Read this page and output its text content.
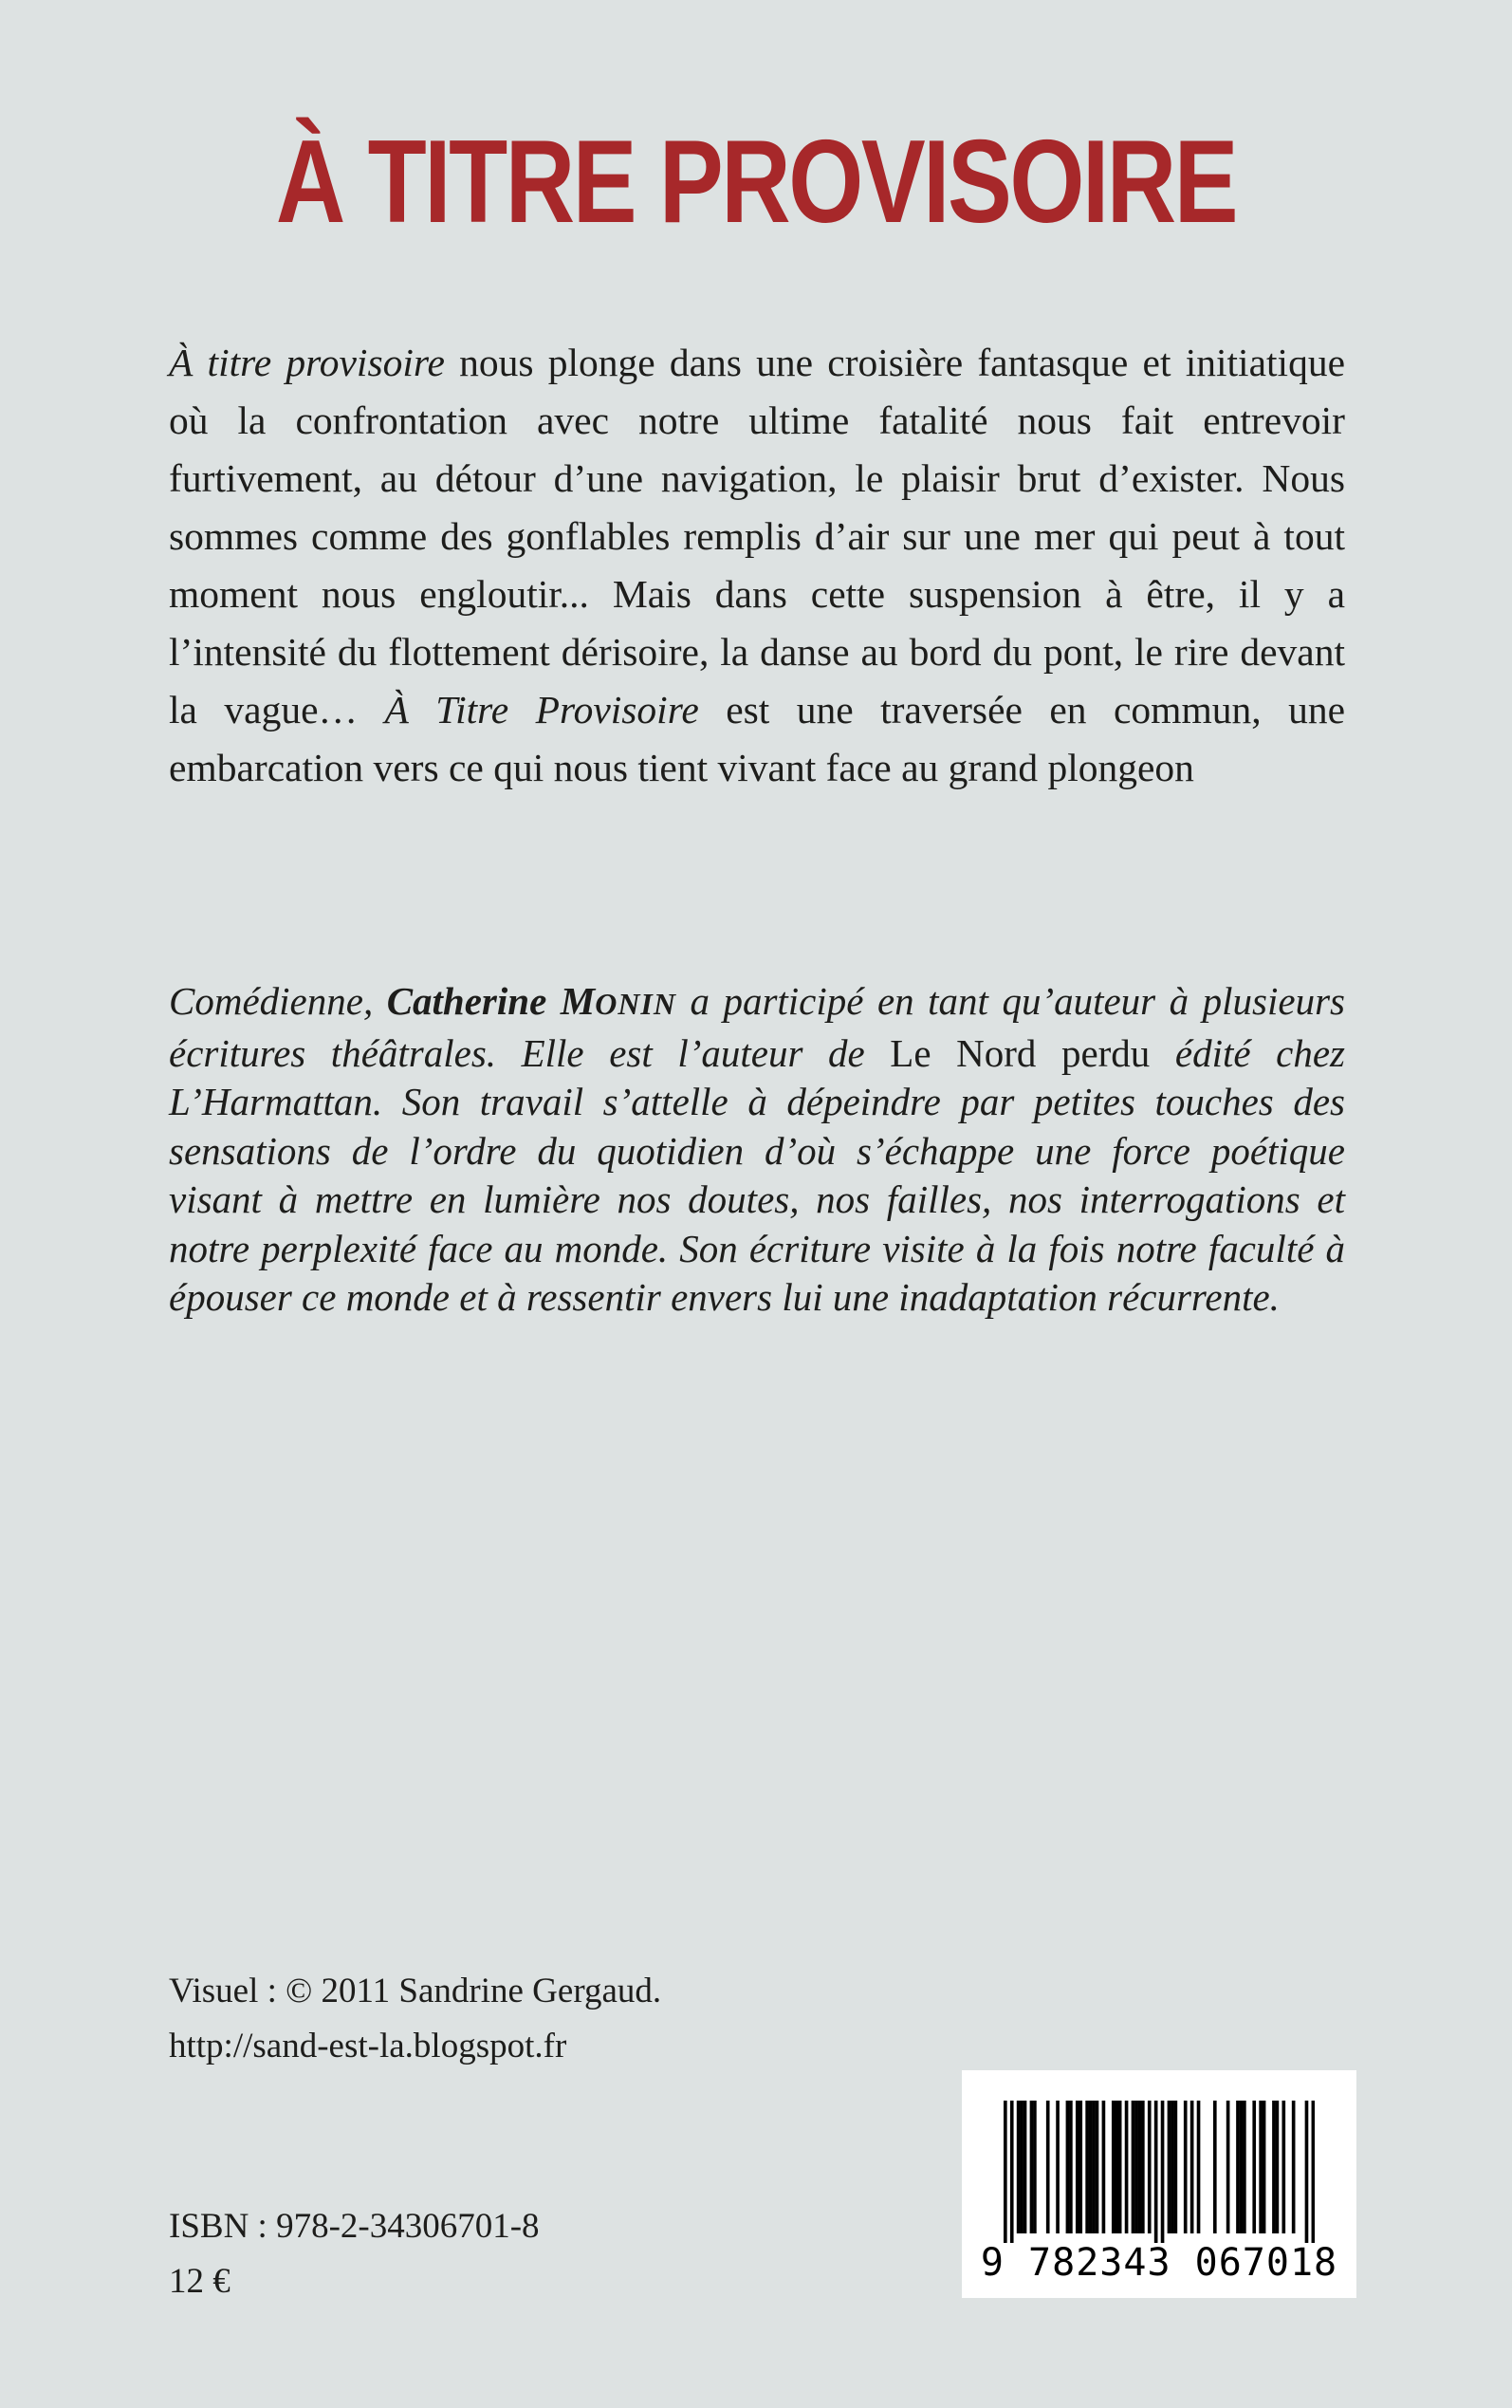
À TITRE PROVISOIRE

À titre provisoire nous plonge dans une croisière fantasque et initiatique où la confrontation avec notre ultime fatalité nous fait entrevoir furtivement, au détour d’une navigation, le plaisir brut d’exister. Nous sommes comme des gonflables remplis d’air sur une mer qui peut à tout moment nous engloutir... Mais dans cette suspension à être, il y a l’intensité du flottement dérisoire, la danse au bord du pont, le rire devant la vague… À Titre Provisoire est une traversée en commun, une embarcation vers ce qui nous tient vivant face au grand plongeon

Comédienne, Catherine MONIN a participé en tant qu’auteur à plusieurs écritures théâtrales. Elle est l’auteur de Le Nord perdu édité chez L’Harmattan. Son travail s’attelle à dépeindre par petites touches des sensations de l’ordre du quotidien d’où s’échappe une force poétique visant à mettre en lumière nos doutes, nos failles, nos interrogations et notre perplexité face au monde. Son écriture visite à la fois notre faculté à épouser ce monde et à ressentir envers lui une inadaptation récurrente.

Visuel : © 2011 Sandrine Gergaud.
http://sand-est-la.blogspot.fr
ISBN : 978-2-34306701-8
12 €	9 782343 067018
